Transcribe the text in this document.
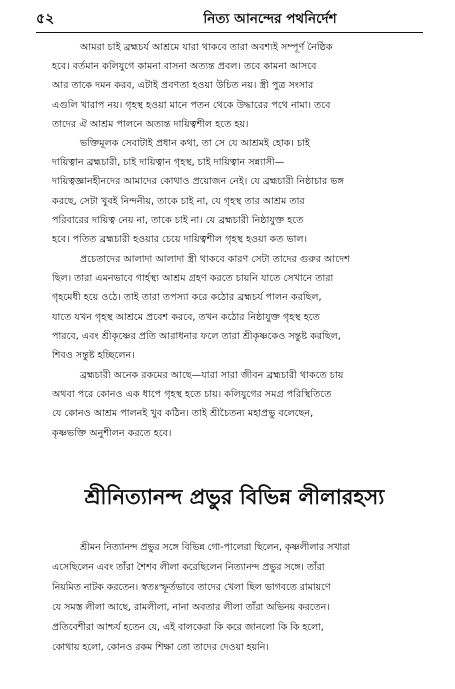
৫২	নিত্য আনন্দের পথনির্দেশ
আমরা চাই ব্রহ্মচর্য আশ্রমে যারা থাকবে তারা অবশ্যই সম্পূর্ণ নৈষ্ঠিক
হবে। বর্তমান কলিযুগে কামনা বাসনা অত্যন্ত প্রবল। তবে কামনা আসবে
আর তাকে দমন করব, এটাই প্রবণতা হওয়া উচিত নয়। স্ত্রী পুত্র সংসার
এগুলি খারাপ নয়। গৃহস্থ হওয়া মানে পতন থেকে উদ্ধারের পথে নামা। তবে
তাদের ঐ আশ্রম পালনে অত্যন্ত দায়িত্বশীল হতে হয়।
ভক্তিমূলক সেবাটাই প্রধান কথা, তা সে যে আশ্রমই হোক। চাই
দায়িত্বান ব্রহ্মচারী, চাই দায়িত্বান গৃহস্থ, চাই দায়িত্বান সন্ন্যাসী—
দায়িত্বজ্ঞানহীনদের আমাদের কোথাও প্রয়োজন নেই। যে ব্রহ্মচারী নিষ্ঠাচার ভঙ্গ
করছে, সেটা খুবই নিন্দনীয়, তাকে চাই না, যে গৃহস্থ তার আশ্রম তার
পরিবারের দায়িত্ব নেয় না, তাকে চাই না। যে ব্রহ্মচারী নিষ্ঠাযুক্ত হতে
হবে। পতিত ব্রহ্মচারী হওয়ার চেয়ে দায়িত্বশীল গৃহস্থ হওয়া কত ভাল।
প্রচেতাদের আলাদা আলাদা স্ত্রী থাকবে কারণ সেটা তাদের গুরুর আদেশ
ছিল। তারা এমনভাবে গার্হস্থ্য আশ্রম গ্রহণ করতে চায়নি যাতে সেখানে তারা
গৃহমেধী হয়ে ওঠে। তাই তারা তপস্যা করে কঠোর ব্রহ্মচর্য পালন করছিল,
যাতে যখন গৃহস্থ আশ্রমে প্রবেশ করবে, তখন কঠোর নিষ্ঠাযুক্ত গৃহস্থ হতে
পারবে, এবং শ্রীকৃষ্ণের প্রতি আরাধনার ফলে তারা শ্রীকৃষ্ণকেও সন্তুষ্ট করছিল,
শিবও সন্তুষ্ট হচ্ছিলেন।
ব্রহ্মচারী অনেক রকমের আছে—যারা সারা জীবন ব্রহ্মচারী থাকতে চায়
অথবা পরে কোনও এক ধাপে গৃহস্থ হতে চায়। কলিযুগের সমগ্র পরিস্থিতিতে
যে কোনও আশ্রম পালনই খুব কঠিন। তাই শ্রীচৈতন্য মহাপ্রভু বলেছেন,
কৃষ্ণভক্তি অনুশীলন করতে হবে।
শ্রীনিত্যানন্দ প্রভুর বিভিন্ন লীলারহস্য
শ্রীমন নিত্যানন্দ প্রভুর সঙ্গে বিভিন্ন গো-পালেরা ছিলেন, কৃষ্ণলীলার সখারা
এসেছিলেন এবং তাঁরা শৈশব লীলা করেছিলেন নিত্যানন্দ প্রভুর সঙ্গে। তাঁরা
নিয়মিত নাটক করতেন। স্বতঃস্ফূর্তভাবে তাদের খেলা ছিল ভাগবতে রামায়ণে
যে সমস্ত লীলা আছে, রামলীলা, নানা অবতার লীলা তাঁরা অভিনয় করতেন।
প্রতিবেশীরা আশ্চর্য হতেন যে, এই বালকেরা কি করে জানলো কি কি হলো,
কোথায় হলো, কোনও রকম শিক্ষা তো তাদের দেওয়া হয়নি।
